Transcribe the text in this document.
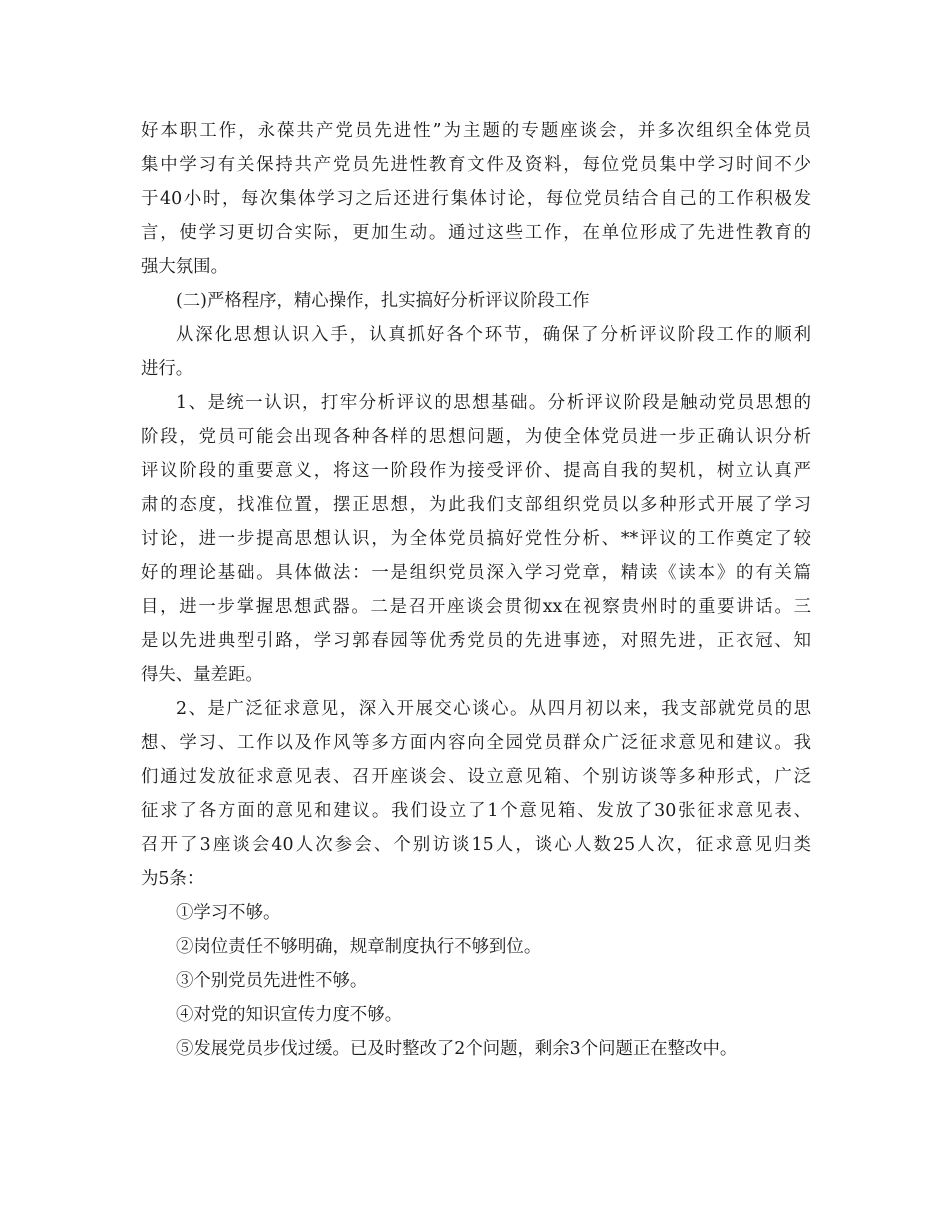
好本职工作，永葆共产党员先进性”为主题的专题座谈会，并多次组织全体党员
集中学习有关保持共产党员先进性教育文件及资料，每位党员集中学习时间不少
于40小时，每次集体学习之后还进行集体讨论，每位党员结合自己的工作积极发
言，使学习更切合实际，更加生动。通过这些工作，在单位形成了先进性教育的
强大氛围。
(二)严格程序，精心操作，扎实搞好分析评议阶段工作
从深化思想认识入手，认真抓好各个环节，确保了分析评议阶段工作的顺利
进行。
1、是统一认识，打牢分析评议的思想基础。分析评议阶段是触动党员思想的
阶段，党员可能会出现各种各样的思想问题，为使全体党员进一步正确认识分析
评议阶段的重要意义，将这一阶段作为接受评价、提高自我的契机，树立认真严
肃的态度，找准位置，摆正思想，为此我们支部组织党员以多种形式开展了学习
讨论，进一步提高思想认识，为全体党员搞好党性分析、**评议的工作奠定了较
好的理论基础。具体做法：一是组织党员深入学习党章，精读《读本》的有关篇
目，进一步掌握思想武器。二是召开座谈会贯彻xx在视察贵州时的重要讲话。三
是以先进典型引路，学习郭春园等优秀党员的先进事迹，对照先进，正衣冠、知
得失、量差距。
2、是广泛征求意见，深入开展交心谈心。从四月初以来，我支部就党员的思
想、学习、工作以及作风等多方面内容向全园党员群众广泛征求意见和建议。我
们通过发放征求意见表、召开座谈会、设立意见箱、个别访谈等多种形式，广泛
征求了各方面的意见和建议。我们设立了1个意见箱、发放了30张征求意见表、
召开了3座谈会40人次参会、个别访谈15人，谈心人数25人次，征求意见归类
为5条：
①学习不够。
②岗位责任不够明确，规章制度执行不够到位。
③个别党员先进性不够。
④对党的知识宣传力度不够。
⑤发展党员步伐过缓。已及时整改了2个问题，剩余3个问题正在整改中。
